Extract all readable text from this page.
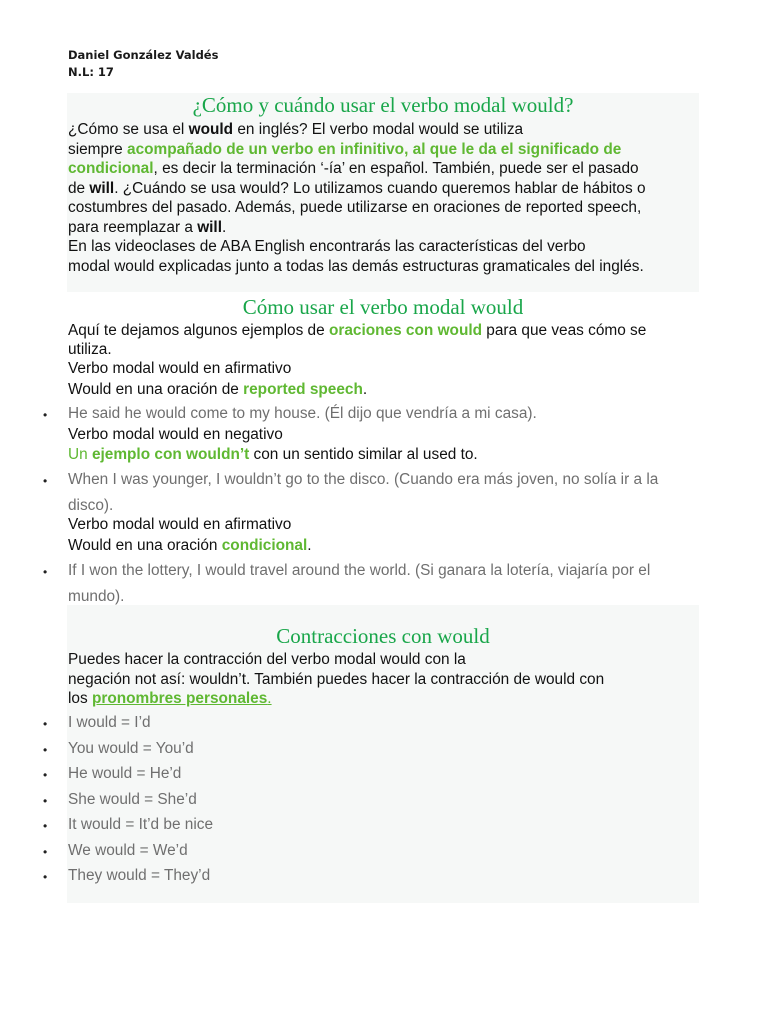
Daniel González Valdés
N.L: 17
¿Cómo y cuándo usar el verbo modal would?

¿Cómo se usa el would en inglés? El verbo modal would se utiliza

siempre acompañado de un verbo en infinitivo, al que le da el significado de

condicional, es decir la terminación ‘-ía’ en español. También, puede ser el pasado

de will. ¿Cuándo se usa would? Lo utilizamos cuando queremos hablar de hábitos o

costumbres del pasado. Además, puede utilizarse en oraciones de reported speech,

para reemplazar a will.

En las videoclases de ABA English encontrarás las características del verbo

modal would explicadas junto a todas las demás estructuras gramaticales del inglés.

Cómo usar el verbo modal would

Aquí te dejamos algunos ejemplos de oraciones con would para que veas cómo se

utiliza.

Verbo modal would en afirmativo

Would en una oración de reported speech.

• He said he would come to my house. (Él dijo que vendría a mi casa).

Verbo modal would en negativo

Un ejemplo con wouldn’t con un sentido similar al used to.

• When I was younger, I wouldn’t go to the disco. (Cuando era más joven, no solía ir a la

disco).

Verbo modal would en afirmativo

Would en una oración condicional.

• If I won the lottery, I would travel around the world. (Si ganara la lotería, viajaría por el

mundo).

Contracciones con would

Puedes hacer la contracción del verbo modal would con la

negación not así: wouldn’t. También puedes hacer la contracción de would con

los pronombres personales.

• I would = I’d

• You would = You’d

• He would = He’d

• She would = She’d

• It would = It’d be nice

• We would = We’d

• They would = They’d
